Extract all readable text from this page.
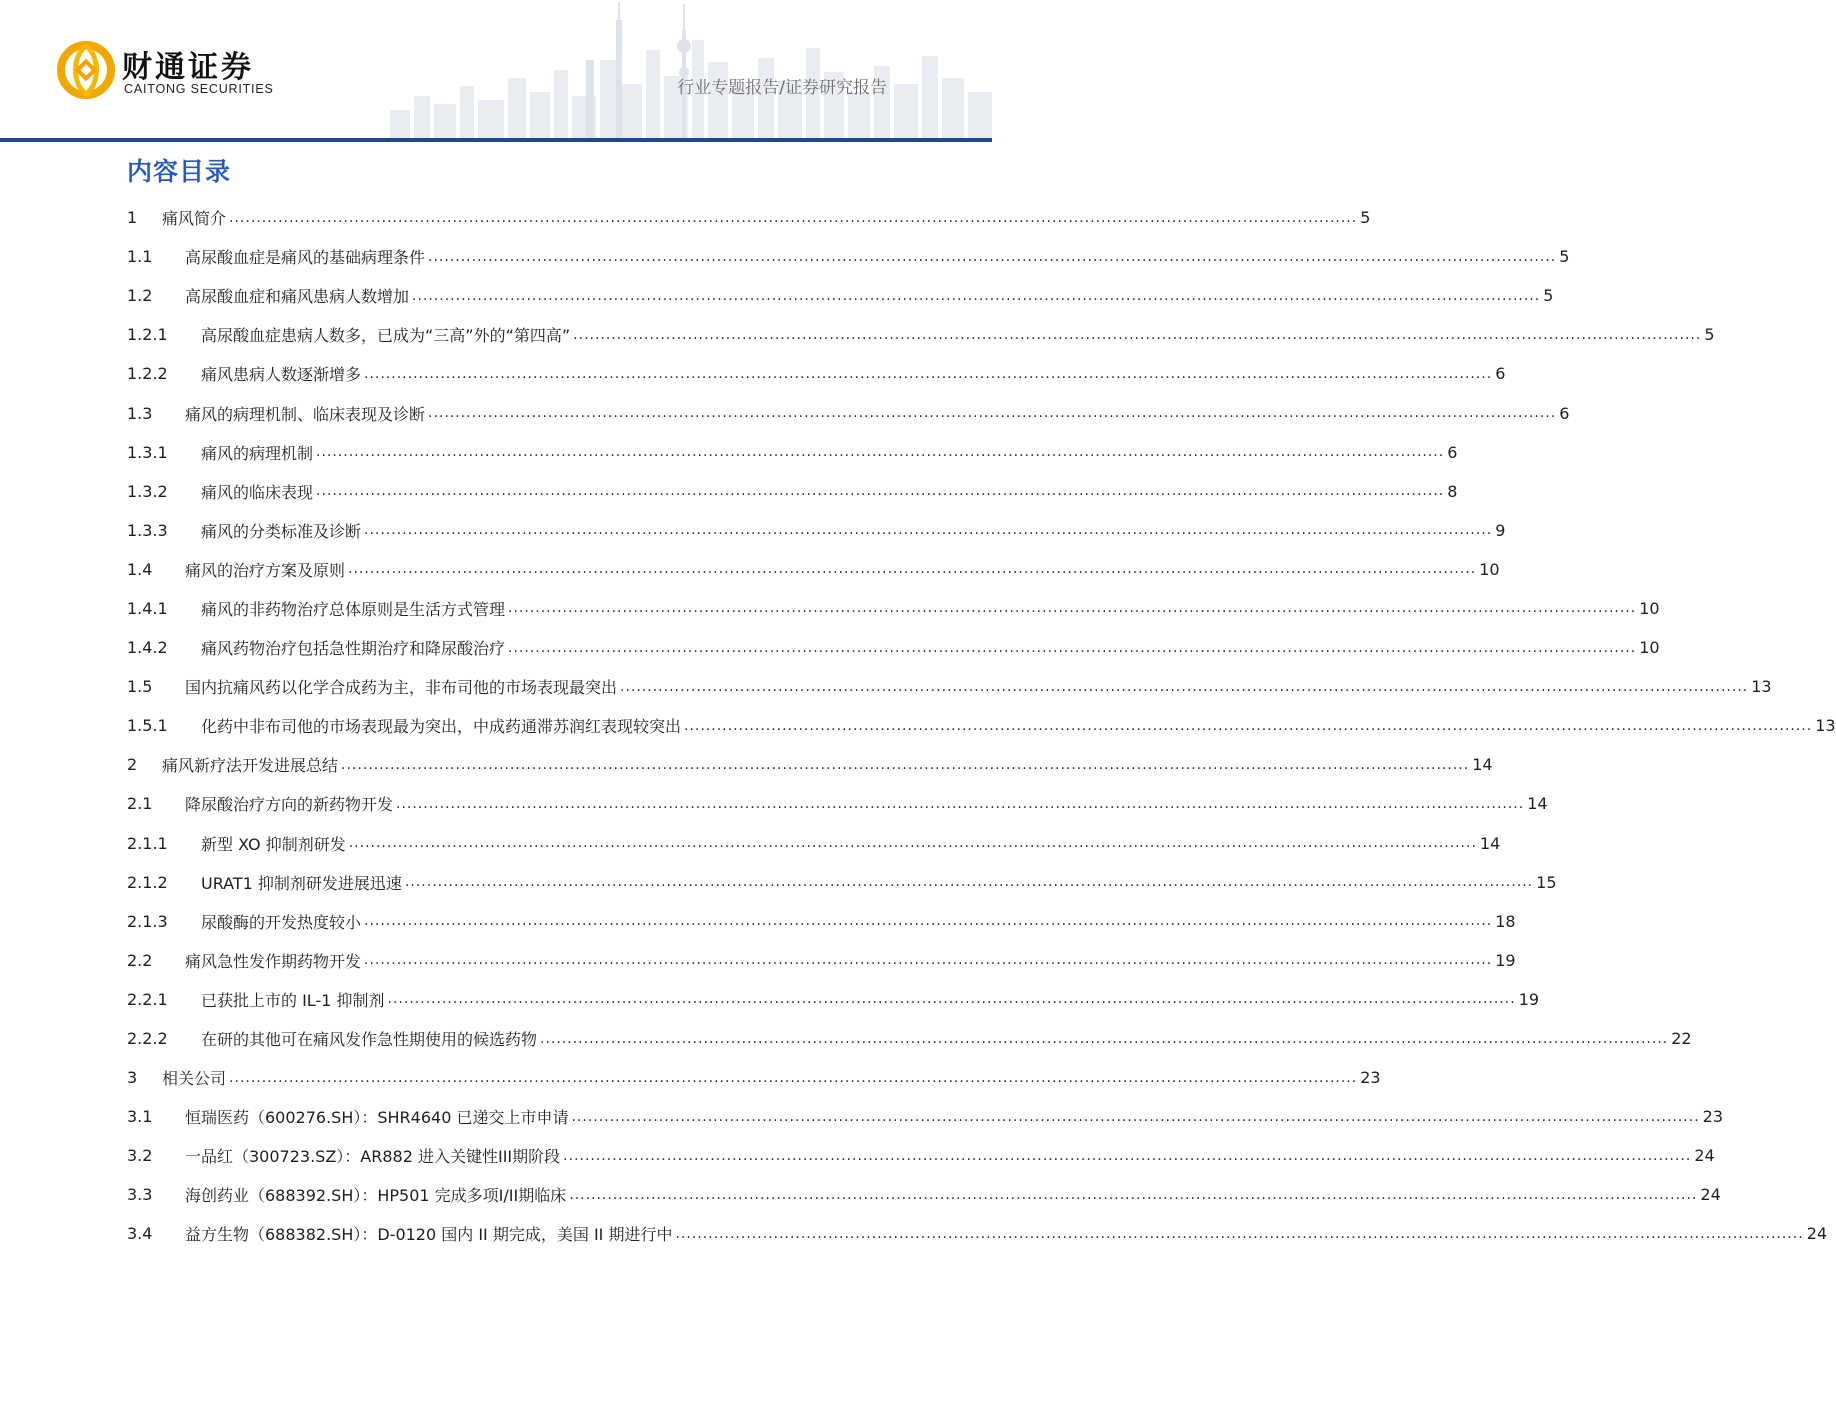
财通证券
CAITONG SECURITIES	行业专题报告/证券研究报告
内容目录
1	痛风简介 .....	5
1.1	高尿酸血症是痛风的基础病理条件 .....	5
1.2	高尿酸血症和痛风患病人数增加 .....	5
1.2.1	高尿酸血症患病人数多，已成为“三高”外的“第四高” .....	5
1.2.2	痛风患病人数逐渐增多 .....	6
1.3	痛风的病理机制、临床表现及诊断 .....	6
1.3.1	痛风的病理机制 .....	6
1.3.2	痛风的临床表现 .....	8
1.3.3	痛风的分类标准及诊断 .....	9
1.4	痛风的治疗方案及原则 .....	10
1.4.1	痛风的非药物治疗总体原则是生活方式管理 .....	10
1.4.2	痛风药物治疗包括急性期治疗和降尿酸治疗 .....	10
1.5	国内抗痛风药以化学合成药为主，非布司他的市场表现最突出 .....	13
1.5.1	化药中非布司他的市场表现最为突出，中成药通滞苏润红表现较突出 .....	13
2	痛风新疗法开发进展总结 .....	14
2.1	降尿酸治疗方向的新药物开发 .....	14
2.1.1	新型 XO 抑制剂研发 .....	14
2.1.2	URAT1 抑制剂研发进展迅速 .....	15
2.1.3	尿酸酶的开发热度较小 .....	18
2.2	痛风急性发作期药物开发 .....	19
2.2.1	已获批上市的 IL-1 抑制剂 .....	19
2.2.2	在研的其他可在痛风发作急性期使用的候选药物 .....	22
3	相关公司 .....	23
3.1	恒瑞医药（600276.SH）：SHR4640 已递交上市申请 .....	23
3.2	一品红（300723.SZ）：AR882 进入关键性III期阶段 .....	24
3.3	海创药业（688392.SH）：HP501 完成多项I/II期临床 .....	24
3.4	益方生物（688382.SH）：D-0120 国内 II 期完成，美国 II 期进行中 .....	24
